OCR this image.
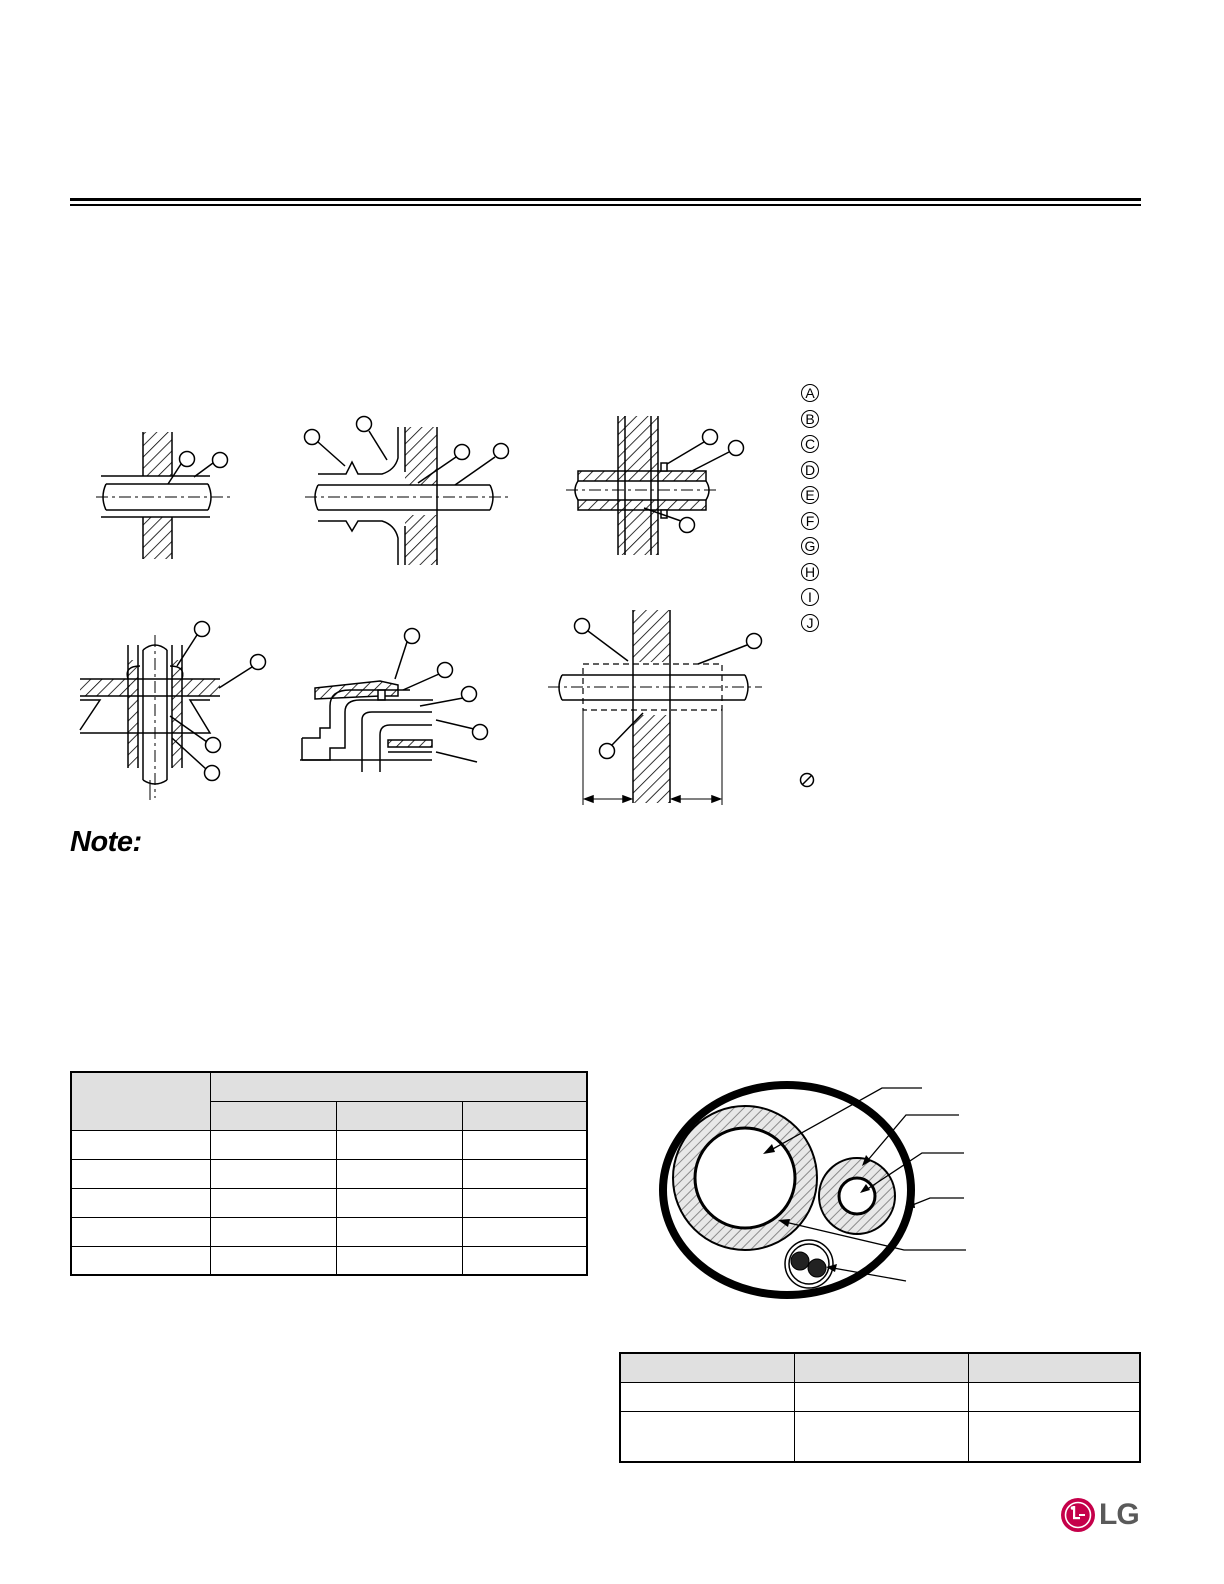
Note:
A
B
C
D
E
F
G
H
I
J

LG
